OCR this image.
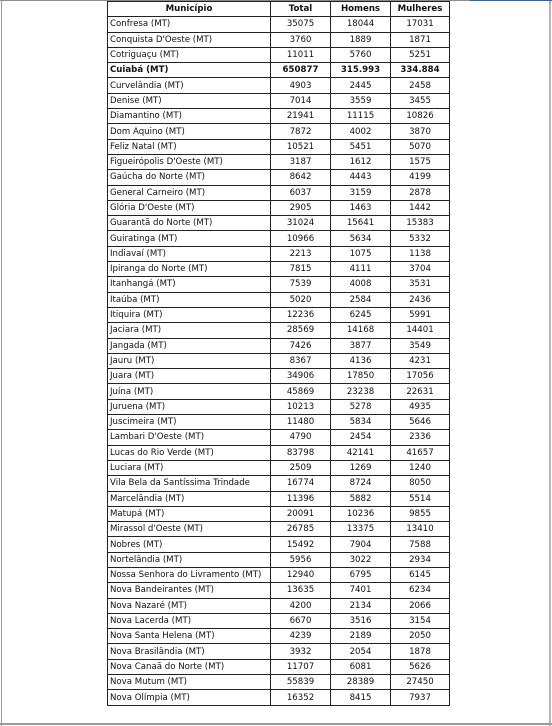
Município	Total	Homens	Mulheres
Confresa (MT)	35075	18044	17031
Conquista D'Oeste (MT)	3760	1889	1871
Cotriguaçu (MT)	11011	5760	5251
Cuiabá (MT)	650877	315.993	334.884
Curvelândia (MT)	4903	2445	2458
Denise (MT)	7014	3559	3455
Diamantino (MT)	21941	11115	10826
Dom Aquino (MT)	7872	4002	3870
Feliz Natal (MT)	10521	5451	5070
Figueirópolis D'Oeste (MT)	3187	1612	1575
Gaúcha do Norte (MT)	8642	4443	4199
General Carneiro (MT)	6037	3159	2878
Glória D'Oeste (MT)	2905	1463	1442
Guarantã do Norte (MT)	31024	15641	15383
Guiratinga (MT)	10966	5634	5332
Indiavaí (MT)	2213	1075	1138
Ipiranga do Norte (MT)	7815	4111	3704
Itanhangá (MT)	7539	4008	3531
Itaúba (MT)	5020	2584	2436
Itiquira (MT)	12236	6245	5991
Jaciara (MT)	28569	14168	14401
Jangada (MT)	7426	3877	3549
Jauru (MT)	8367	4136	4231
Juara (MT)	34906	17850	17056
Juína (MT)	45869	23238	22631
Juruena (MT)	10213	5278	4935
Juscimeira (MT)	11480	5834	5646
Lambari D'Oeste (MT)	4790	2454	2336
Lucas do Rio Verde (MT)	83798	42141	41657
Luciara (MT)	2509	1269	1240
Vila Bela da Santíssima Trindade	16774	8724	8050
Marcelândia (MT)	11396	5882	5514
Matupá (MT)	20091	10236	9855
Mirassol d'Oeste (MT)	26785	13375	13410
Nobres (MT)	15492	7904	7588
Nortelândia (MT)	5956	3022	2934
Nossa Senhora do Livramento (MT)	12940	6795	6145
Nova Bandeirantes (MT)	13635	7401	6234
Nova Nazaré (MT)	4200	2134	2066
Nova Lacerda (MT)	6670	3516	3154
Nova Santa Helena (MT)	4239	2189	2050
Nova Brasilândia (MT)	3932	2054	1878
Nova Canaã do Norte (MT)	11707	6081	5626
Nova Mutum (MT)	55839	28389	27450
Nova Olímpia (MT)	16352	8415	7937
